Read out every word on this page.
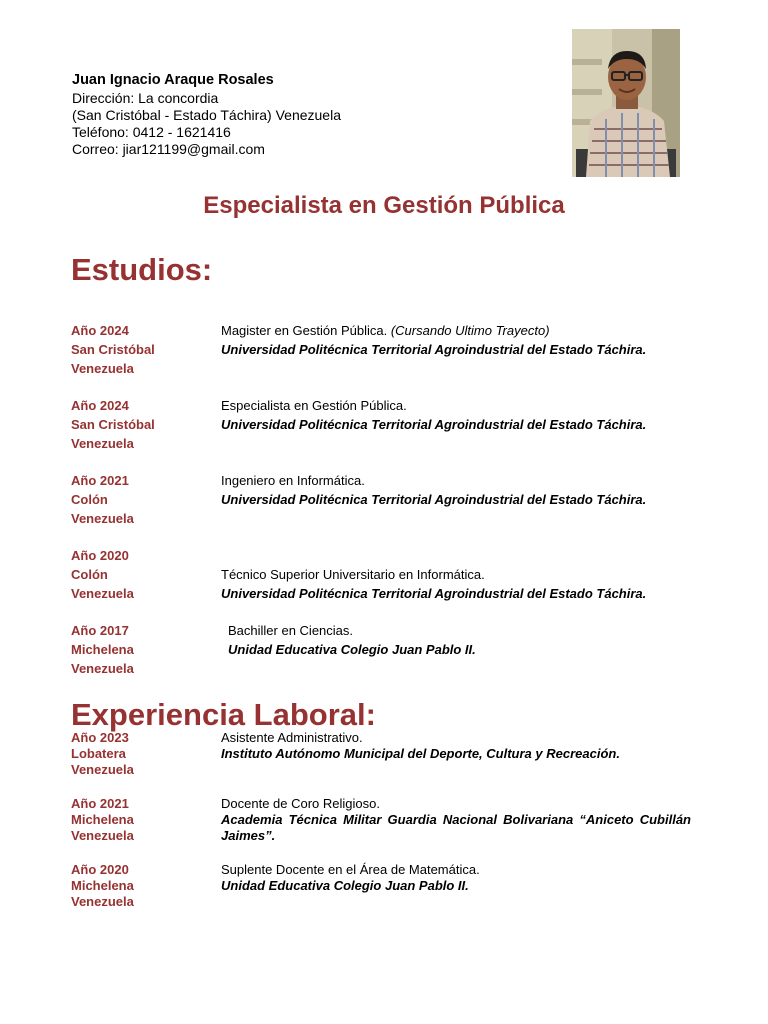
Juan Ignacio Araque Rosales
Dirección: La concordia
(San Cristóbal - Estado Táchira) Venezuela
Teléfono: 0412 - 1621416
Correo: jiar121199@gmail.com
Especialista en Gestión Pública
Estudios:
Año 2024
San Cristóbal
Venezuela
Magister en Gestión Pública. (Cursando Ultimo Trayecto)
Universidad Politécnica Territorial Agroindustrial del Estado Táchira.
Año 2024
San Cristóbal
Venezuela
Especialista en Gestión Pública.
Universidad Politécnica Territorial Agroindustrial del Estado Táchira.
Año 2021
Colón
Venezuela
Ingeniero en Informática.
Universidad Politécnica Territorial Agroindustrial del Estado Táchira.
Año 2020
Colón
Venezuela
Técnico Superior Universitario en Informática.
Universidad Politécnica Territorial Agroindustrial del Estado Táchira.
Año 2017
Michelena
Venezuela
Bachiller en Ciencias.
Unidad Educativa Colegio Juan Pablo II.
Experiencia Laboral:
Año 2023
Lobatera
Venezuela
Asistente Administrativo.
Instituto Autónomo Municipal del Deporte, Cultura y Recreación.
Año 2021
Michelena
Venezuela
Docente de Coro Religioso.
Academia Técnica Militar Guardia Nacional Bolivariana “Aniceto Cubillán Jaimes”.
Año 2020
Michelena
Venezuela
Suplente Docente en el Área de Matemática.
Unidad Educativa Colegio Juan Pablo II.
